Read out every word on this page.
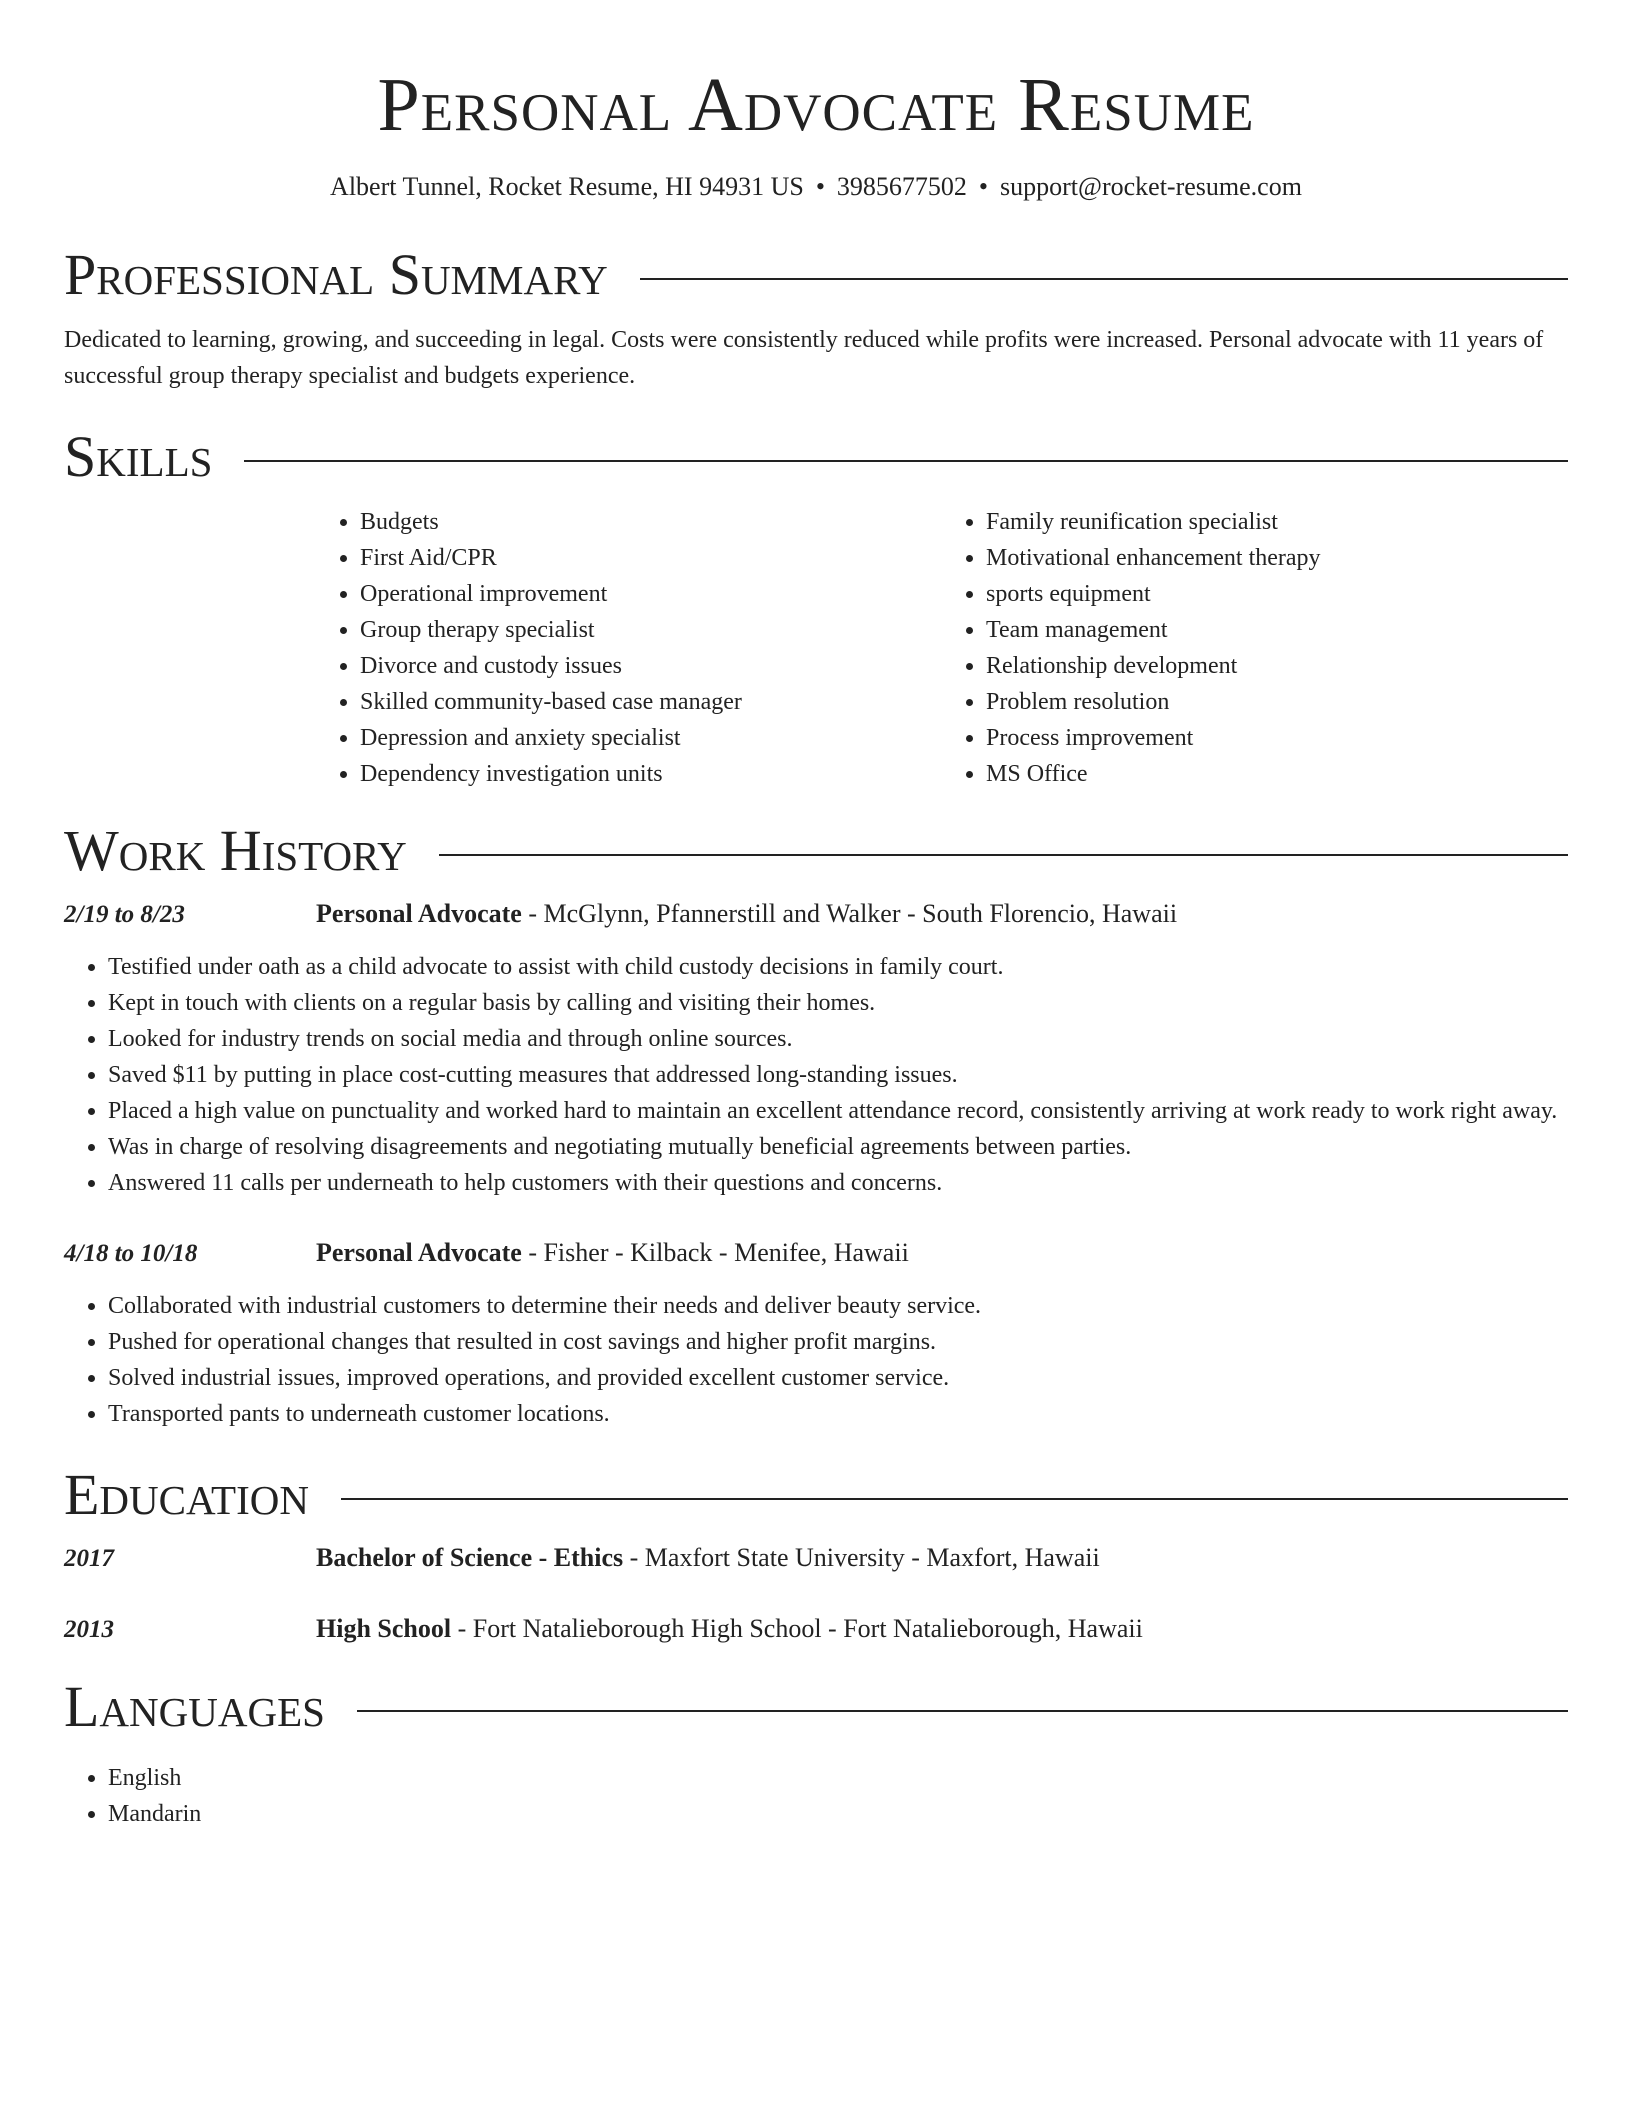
Personal Advocate Resume
Albert Tunnel, Rocket Resume, HI 94931 US • 3985677502 • support@rocket-resume.com
Professional Summary

Dedicated to learning, growing, and succeeding in legal. Costs were consistently reduced while profits were increased. Personal advocate with 11 years of successful group therapy specialist and budgets experience.

Skills
• Budgets
• First Aid/CPR
• Operational improvement
• Group therapy specialist
• Divorce and custody issues
• Skilled community-based case manager
• Depression and anxiety specialist
• Dependency investigation units
• Family reunification specialist
• Motivational enhancement therapy
• sports equipment
• Team management
• Relationship development
• Problem resolution
• Process improvement
• MS Office
Work History
2/19 to 8/23	Personal Advocate - McGlynn, Pfannerstill and Walker - South Florencio, Hawaii
• Testified under oath as a child advocate to assist with child custody decisions in family court.
• Kept in touch with clients on a regular basis by calling and visiting their homes.
• Looked for industry trends on social media and through online sources.
• Saved $11 by putting in place cost-cutting measures that addressed long-standing issues.
• Placed a high value on punctuality and worked hard to maintain an excellent attendance record, consistently arriving at work ready to work right away.
• Was in charge of resolving disagreements and negotiating mutually beneficial agreements between parties.
• Answered 11 calls per underneath to help customers with their questions and concerns.
4/18 to 10/18	Personal Advocate - Fisher - Kilback - Menifee, Hawaii
• Collaborated with industrial customers to determine their needs and deliver beauty service.
• Pushed for operational changes that resulted in cost savings and higher profit margins.
• Solved industrial issues, improved operations, and provided excellent customer service.
• Transported pants to underneath customer locations.
Education
2017	Bachelor of Science - Ethics - Maxfort State University - Maxfort, Hawaii
2013	High School - Fort Natalieborough High School - Fort Natalieborough, Hawaii
Languages
• English
• Mandarin
